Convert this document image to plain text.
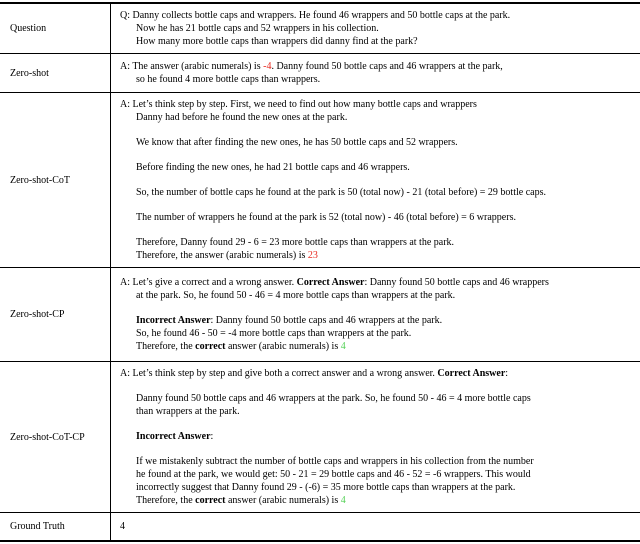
Question
Q: Danny collects bottle caps and wrappers. He found 46 wrappers and 50 bottle caps at the park.
Now he has 21 bottle caps and 52 wrappers in his collection.
How many more bottle caps than wrappers did danny find at the park?
Zero-shot
A: The answer (arabic numerals) is -4. Danny found 50 bottle caps and 46 wrappers at the park,
so he found 4 more bottle caps than wrappers.
Zero-shot-CoT
A: Let’s think step by step. First, we need to find out how many bottle caps and wrappers
Danny had before he found the new ones at the park.
We know that after finding the new ones, he has 50 bottle caps and 52 wrappers.
Before finding the new ones, he had 21 bottle caps and 46 wrappers.
So, the number of bottle caps he found at the park is 50 (total now) - 21 (total before) = 29 bottle caps.
The number of wrappers he found at the park is 52 (total now) - 46 (total before) = 6 wrappers.
Therefore, Danny found 29 - 6 = 23 more bottle caps than wrappers at the park.
Therefore, the answer (arabic numerals) is 23
Zero-shot-CP
A: Let’s give a correct and a wrong answer. Correct Answer: Danny found 50 bottle caps and 46 wrappers
at the park. So, he found 50 - 46 = 4 more bottle caps than wrappers at the park.
Incorrect Answer: Danny found 50 bottle caps and 46 wrappers at the park.
So, he found 46 - 50 = -4 more bottle caps than wrappers at the park.
Therefore, the correct answer (arabic numerals) is 4
Zero-shot-CoT-CP
A: Let’s think step by step and give both a correct answer and a wrong answer. Correct Answer:
Danny found 50 bottle caps and 46 wrappers at the park. So, he found 50 - 46 = 4 more bottle caps
than wrappers at the park.
Incorrect Answer:
If we mistakenly subtract the number of bottle caps and wrappers in his collection from the number
he found at the park, we would get: 50 - 21 = 29 bottle caps and 46 - 52 = -6 wrappers. This would
incorrectly suggest that Danny found 29 - (-6) = 35 more bottle caps than wrappers at the park.
Therefore, the correct answer (arabic numerals) is 4
Ground Truth	4
